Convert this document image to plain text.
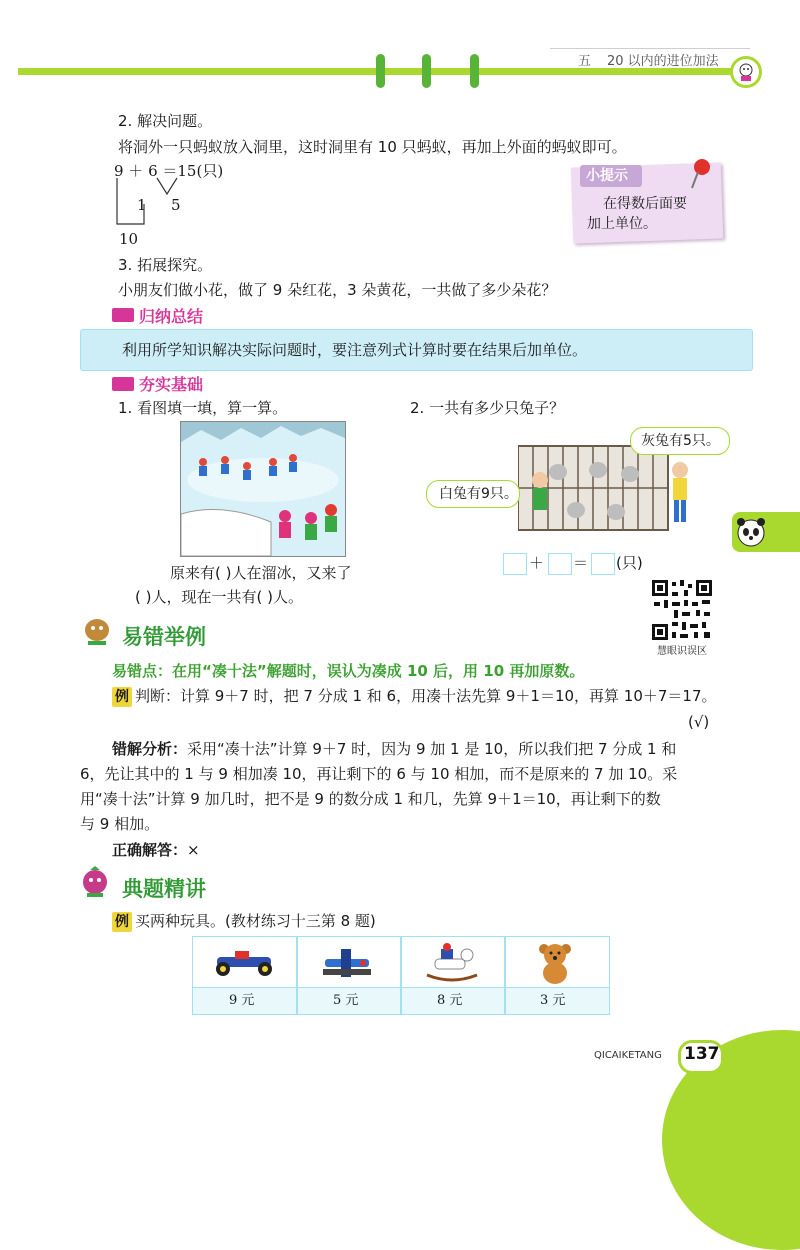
五 20 以内的进位加法
2. 解决问题。
将洞外一只蚂蚁放入洞里，这时洞里有 10 只蚂蚁，再加上外面的蚂蚁即可。
9 ＋ 6 ＝15(只)
1 5
10
小提示
在得数后面要
加上单位。
3. 拓展探究。
小朋友们做小花，做了 9 朵红花，3 朵黄花，一共做了多少朵花？
归纳总结
利用所学知识解决实际问题时，要注意列式计算时要在结果后加单位。
夯实基础
1. 看图填一填，算一算。	2. 一共有多少只兔子？
原来有( )人在溜冰，又来了
( )人，现在一共有( )人。
灰兔有5只。
白兔有9只。
＋ ＝ (只)
慧眼识误区
易错举例
易错点：在用“凑十法”解题时，误认为凑成 10 后，用 10 再加原数。
例 判断：计算 9＋7 时，把 7 分成 1 和 6，用凑十法先算 9＋1＝10，再算 10＋7＝17。
(√)
错解分析：采用“凑十法”计算 9＋7 时，因为 9 加 1 是 10，所以我们把 7 分成 1 和
6，先让其中的 1 与 9 相加凑 10，再让剩下的 6 与 10 相加，而不是原来的 7 加 10。采
用“凑十法”计算 9 加几时，把不是 9 的数分成 1 和几，先算 9＋1＝10，再让剩下的数
与 9 相加。
正确解答：×
典题精讲
例 买两种玩具。(教材练习十三第 8 题)
9 元	5 元	8 元	3 元
QICAIKETANG 137
